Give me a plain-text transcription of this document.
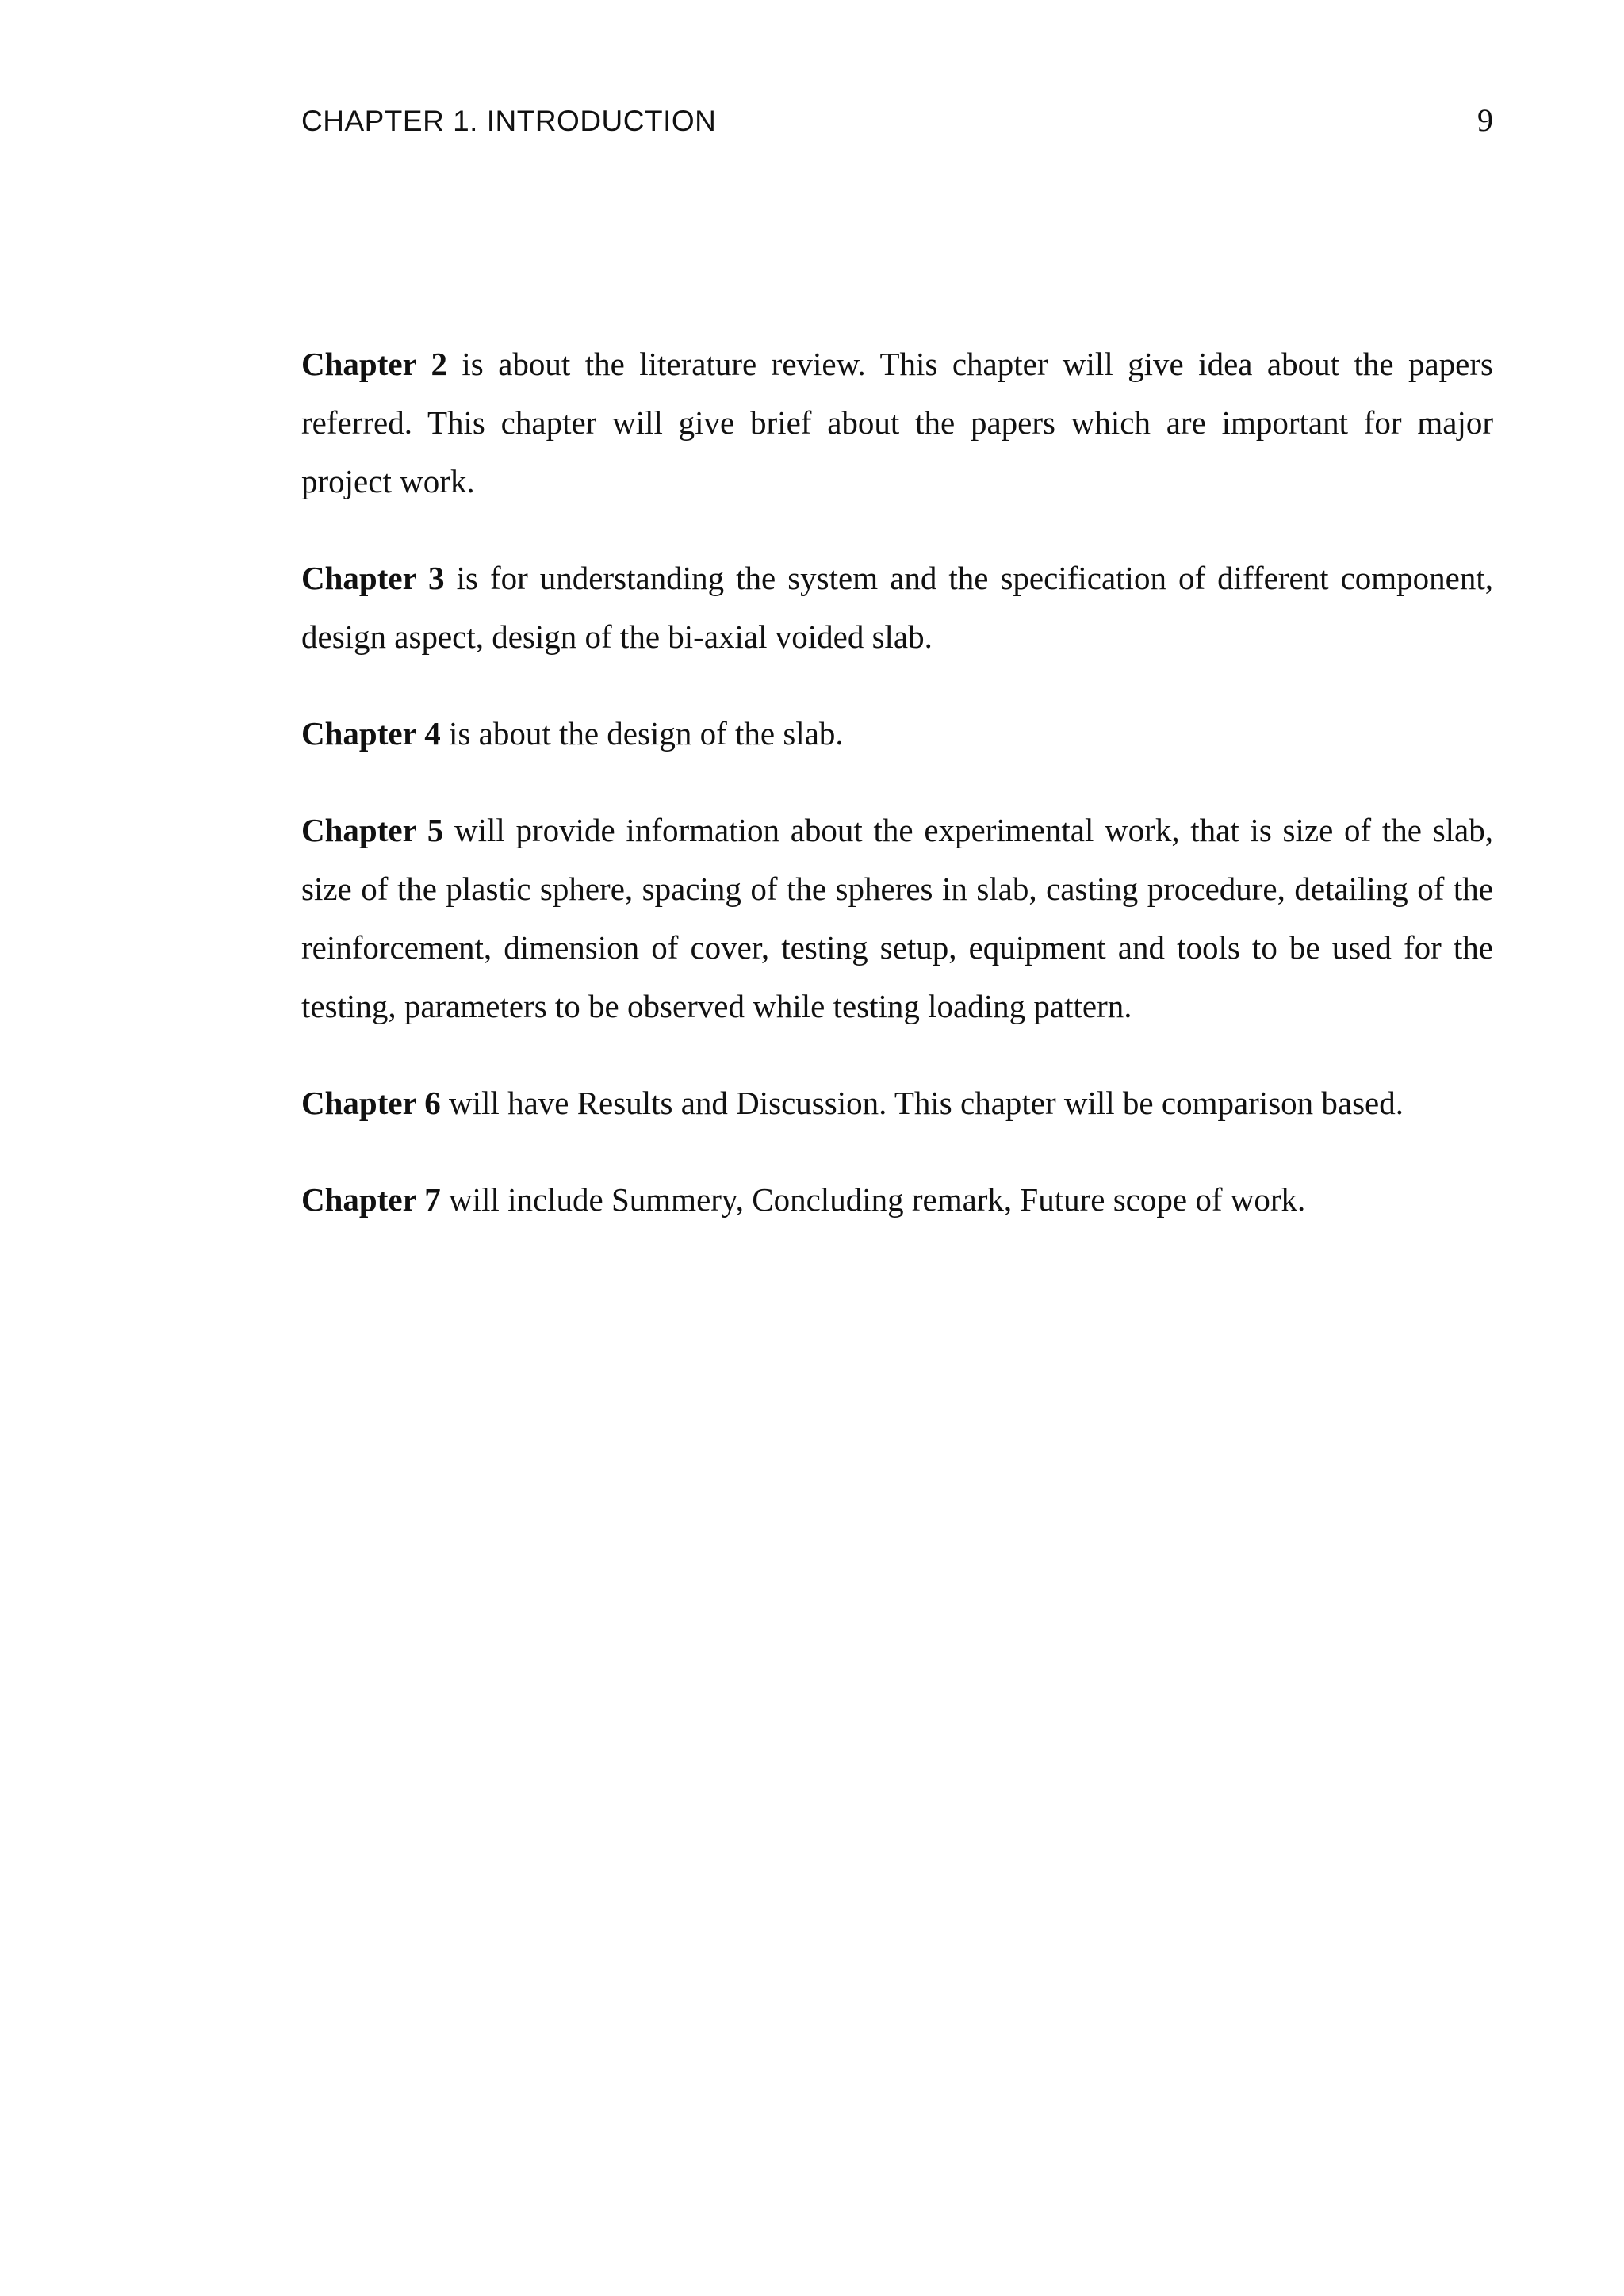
CHAPTER 1. INTRODUCTION	9

Chapter 2 is about the literature review. This chapter will give idea about the papers referred. This chapter will give brief about the papers which are important for major project work.

Chapter 3 is for understanding the system and the specification of different component, design aspect, design of the bi-axial voided slab.

Chapter 4 is about the design of the slab.

Chapter 5 will provide information about the experimental work, that is size of the slab, size of the plastic sphere, spacing of the spheres in slab, casting procedure, detailing of the reinforcement, dimension of cover, testing setup, equipment and tools to be used for the testing, parameters to be observed while testing loading pattern.

Chapter 6 will have Results and Discussion. This chapter will be comparison based.

Chapter 7 will include Summery, Concluding remark, Future scope of work.
